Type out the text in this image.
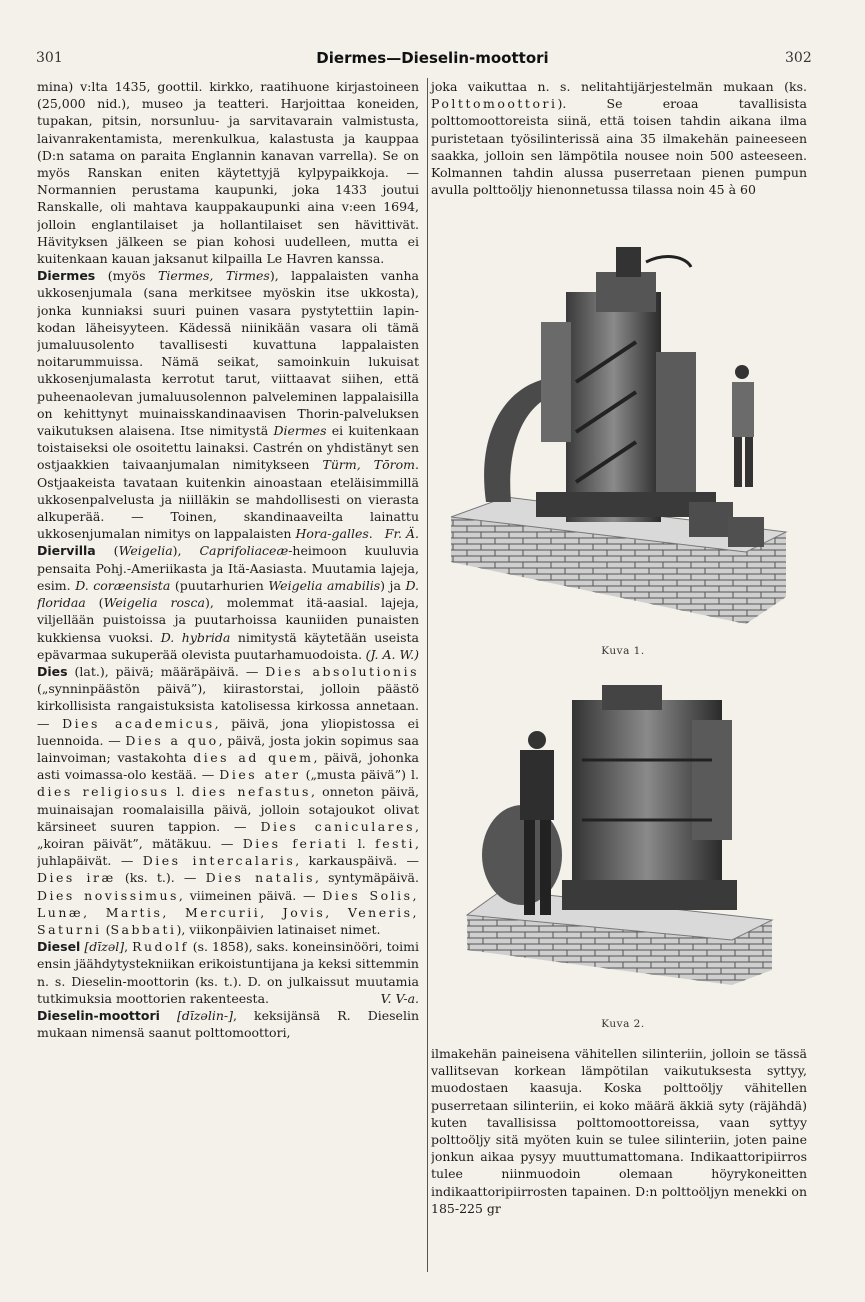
301	Diermes—Dieselin-moottori	302

mina) v:lta 1435, goottil. kirkko, raatihuone kirjastoineen (25,000 nid.), museo ja teatteri. Harjoittaa koneiden, tupakan, pitsin, norsunluu- ja sarvitavarain valmistusta, laivanrakentamista, merenkulkua, kalastusta ja kauppaa (D:n satama on paraita Englannin kanavan varrella). Se on myös Ranskan eniten käytettyjä kylpypaikkoja. — Normannien perustama kaupunki, joka 1433 joutui Ranskalle, oli mahtava kauppakaupunki aina v:een 1694, jolloin englantilaiset ja hollantilaiset sen hävittivät. Hävityksen jälkeen se pian kohosi uudelleen, mutta ei kuitenkaan kauan jaksanut kilpailla Le Havren kanssa.

Diermes (myös Tiermes, Tirmes), lappalaisten vanha ukkosenjumala (sana merkitsee myöskin itse ukkosta), jonka kunniaksi suuri puinen vasara pystytettiin lapin-kodan läheisyyteen. Kädessä niinikään vasara oli tämä jumaluusolento tavallisesti kuvattuna lappalaisten noitarummuissa. Nämä seikat, samoinkuin lukuisat ukkosenjumalasta kerrotut tarut, viittaavat siihen, että puheenaolevan jumaluusolennon palveleminen lappalaisilla on kehittynyt muinaisskandinaavisen Thorin-palveluksen vaikutuksen alaisena. Itse nimitystä Diermes ei kuitenkaan toistaiseksi ole osoitettu lainaksi. Castrén on yhdistänyt sen ostjaakkien taivaanjumalan nimitykseen Türm, Tōrom. Ostjaakeista tavataan kuitenkin ainoastaan eteläisimmillä ukkosenpalvelusta ja niilläkin se mahdollisesti on vierasta alkuperää. — Toinen, skandinaaveilta lainattu ukkosenjumalan nimitys on lappalaisten Hora-galles. Fr. Ä.

Diervilla (Weigelia), Caprifoliaceæ-heimoon kuuluvia pensaita Pohj.-Ameriikasta ja Itä-Aasiasta. Muutamia lajeja, esim. D. coræensista (puutarhurien Weigelia amabilis) ja D. floridaa (Weigelia rosca), molemmat itä-aasial. lajeja, viljellään puistoissa ja puutarhoissa kauniiden punaisten kukkiensa vuoksi. D. hybrida nimitystä käytetään useista epävarmaa sukuperää olevista puutarhamuodoista. (J. A. W.)

Dies (lat.), päivä; määräpäivä. — Dies absolutionis („synninpäästön päivä”), kiirastorstai, jolloin päästö kirkollisista rangaistuksista katolisessa kirkossa annetaan. — Dies academicus, päivä, jona yliopistossa ei luennoida. — Dies a quo, päivä, josta jokin sopimus saa lainvoiman; vastakohta dies ad quem, päivä, johonka asti voimassa-olo kestää. — Dies ater („musta päivä”) l. dies religiosus l. dies nefastus, onneton päivä, muinaisajan roomalaisilla päivä, jolloin sotajoukot olivat kärsineet suuren tappion. — Dies caniculares, „koiran päivät”, mätäkuu. — Dies feriati l. festi, juhlapäivät. — Dies intercalaris, karkauspäivä. — Dies iræ (ks. t.). — Dies natalis, syntymäpäivä. Dies novissimus, viimeinen päivä. — Dies Solis, Lunæ, Martis, Mercurii, Jovis, Veneris, Saturni (Sabbati), viikonpäivien latinaiset nimet.

Diesel [dīzəl], Rudolf (s. 1858), saks. koneinsinööri, toimi ensin jäähdytystekniikan erikoistuntijana ja keksi sittemmin n. s. Dieselin-moottorin (ks. t.). D. on julkaissut muutamia tutkimuksia moottorien rakenteesta.	V. V-a.

Dieselin-moottori [dīzəlin-], keksijänsä R. Dieselin mukaan nimensä saanut polttomoottori,

joka vaikuttaa n. s. nelitahtijärjestelmän mukaan (ks. Polttomoottori). Se eroaa tavallisista polttomoottoreista siinä, että toisen tahdin aikana ilma puristetaan työsilinterissä aina 35 ilmakehän paineeseen saakka, jolloin sen lämpötila nousee noin 500 asteeseen. Kolmannen tahdin alussa puserretaan pienen pumpun avulla polttoöljy hienonnetussa tilassa noin 45 à 60

Kuva 1.
Kuva 2.

ilmakehän paineisena vähitellen silinteriin, jolloin se tässä vallitsevan korkean lämpötilan vaikutuksesta syttyy, muodostaen kaasuja. Koska polttoöljy vähitellen puserretaan silinteriin, ei koko määrä äkkiä syty (räjähdä) kuten tavallisissa polttomoottoreissa, vaan syttyy polttoöljy sitä myöten kuin se tulee silinteriin, joten paine jonkun aikaa pysyy muuttumattomana. Indikaattoripiirros tulee niinmuodoin olemaan höyrykoneitten indikaattoripiirrosten tapainen. D:n polttoöljyn menekki on 185-225 gr
